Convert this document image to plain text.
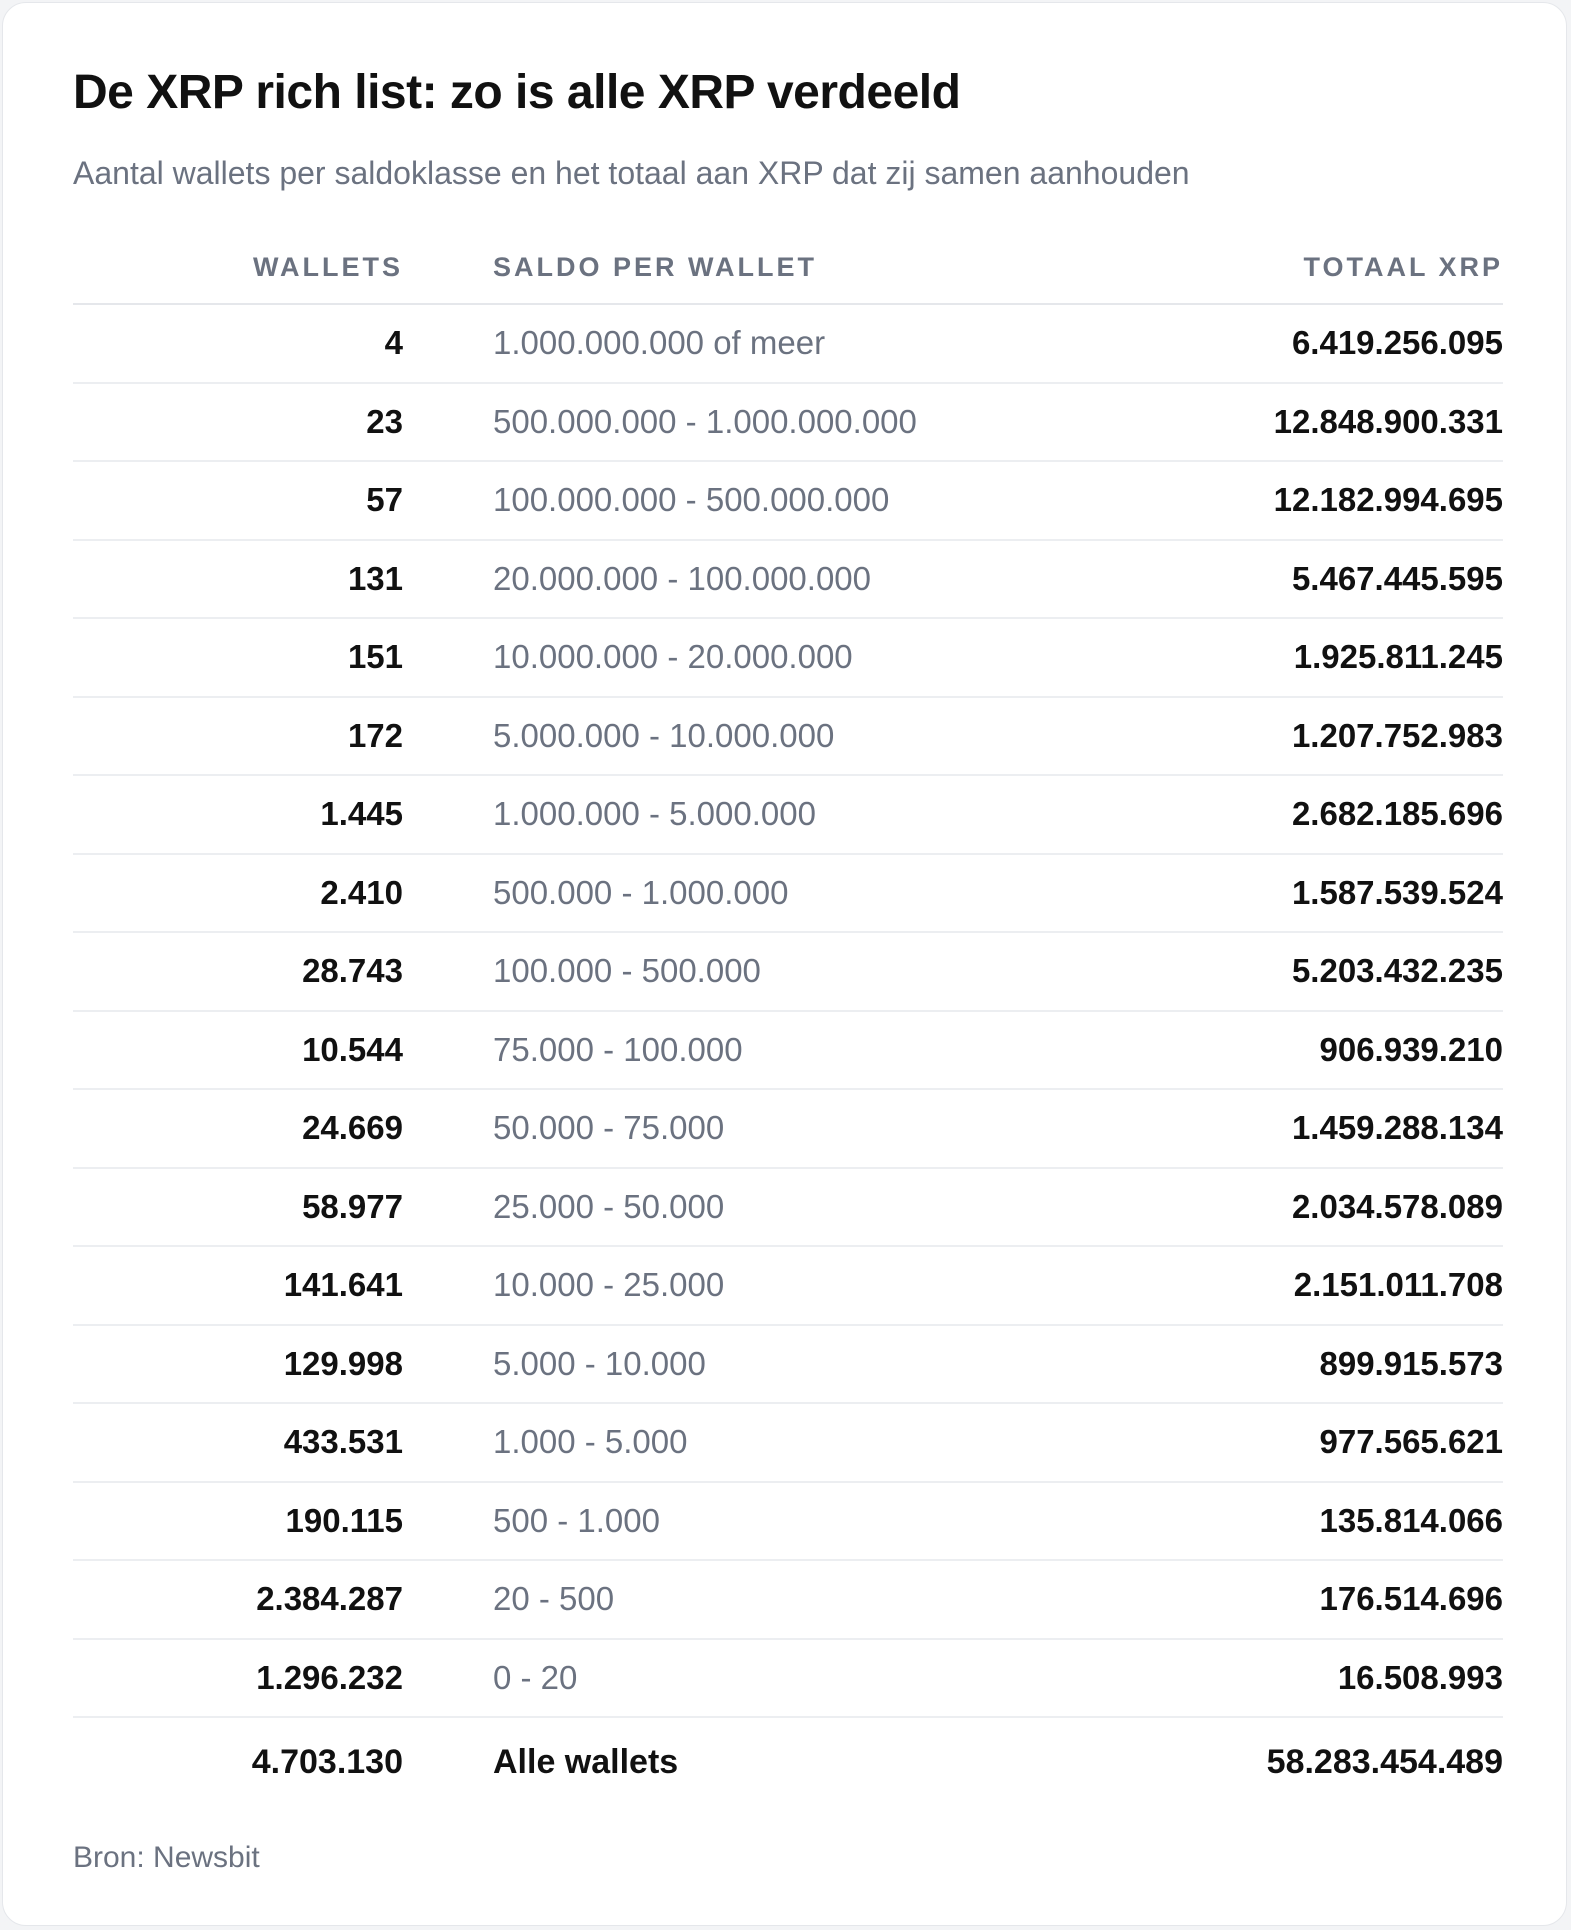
De XRP rich list: zo is alle XRP verdeeld

Aantal wallets per saldoklasse en het totaal aan XRP dat zij samen aanhouden

WALLETS	SALDO PER WALLET	TOTAAL XRP
4	1.000.000.000 of meer	6.419.256.095
23	500.000.000 - 1.000.000.000	12.848.900.331
57	100.000.000 - 500.000.000	12.182.994.695
131	20.000.000 - 100.000.000	5.467.445.595
151	10.000.000 - 20.000.000	1.925.811.245
172	5.000.000 - 10.000.000	1.207.752.983
1.445	1.000.000 - 5.000.000	2.682.185.696
2.410	500.000 - 1.000.000	1.587.539.524
28.743	100.000 - 500.000	5.203.432.235
10.544	75.000 - 100.000	906.939.210
24.669	50.000 - 75.000	1.459.288.134
58.977	25.000 - 50.000	2.034.578.089
141.641	10.000 - 25.000	2.151.011.708
129.998	5.000 - 10.000	899.915.573
433.531	1.000 - 5.000	977.565.621
190.115	500 - 1.000	135.814.066
2.384.287	20 - 500	176.514.696
1.296.232	0 - 20	16.508.993
4.703.130	Alle wallets	58.283.454.489

Bron: Newsbit
